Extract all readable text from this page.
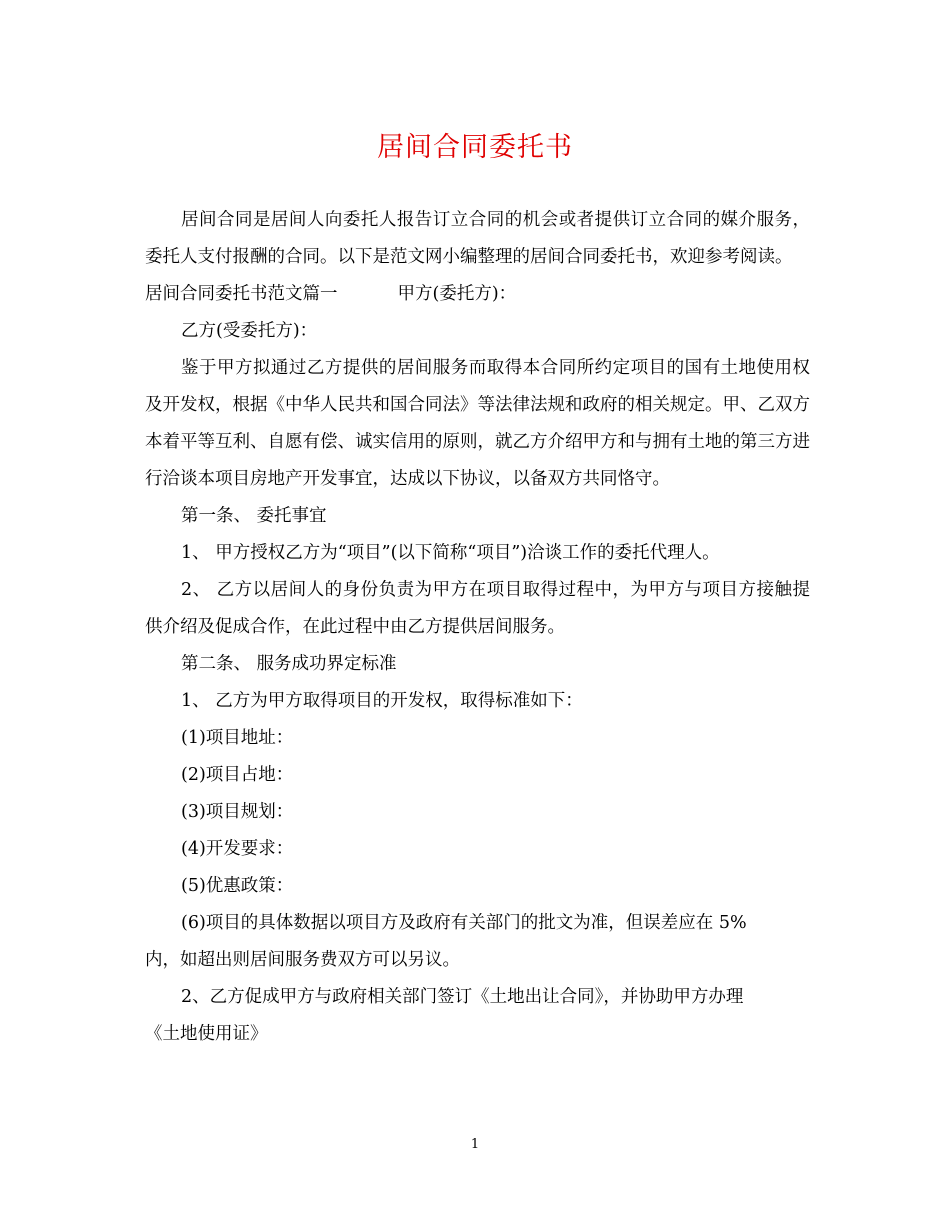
居间合同委托书

居间合同是居间人向委托人报告订立合同的机会或者提供订立合同的媒介服务，委托人支付报酬的合同。以下是范文网小编整理的居间合同委托书，欢迎参考阅读。

居间合同委托书范文篇一	甲方(委托方)：

乙方(受委托方)：

鉴于甲方拟通过乙方提供的居间服务而取得本合同所约定项目的国有土地使用权及开发权，根据《中华人民共和国合同法》等法律法规和政府的相关规定。甲、乙双方本着平等互利、自愿有偿、诚实信用的原则，就乙方介绍甲方和与拥有土地的第三方进行洽谈本项目房地产开发事宜，达成以下协议，以备双方共同恪守。

第一条、 委托事宜

1、 甲方授权乙方为“项目”(以下简称“项目”)洽谈工作的委托代理人。

2、 乙方以居间人的身份负责为甲方在项目取得过程中，为甲方与项目方接触提供介绍及促成合作，在此过程中由乙方提供居间服务。

第二条、 服务成功界定标准

1、 乙方为甲方取得项目的开发权，取得标准如下：

(1)项目地址：

(2)项目占地：

(3)项目规划：

(4)开发要求：

(5)优惠政策：

(6)项目的具体数据以项目方及政府有关部门的批文为准，但误差应在 5%

内，如超出则居间服务费双方可以另议。

2、乙方促成甲方与政府相关部门签订《土地出让合同》，并协助甲方办理

《土地使用证》

1
